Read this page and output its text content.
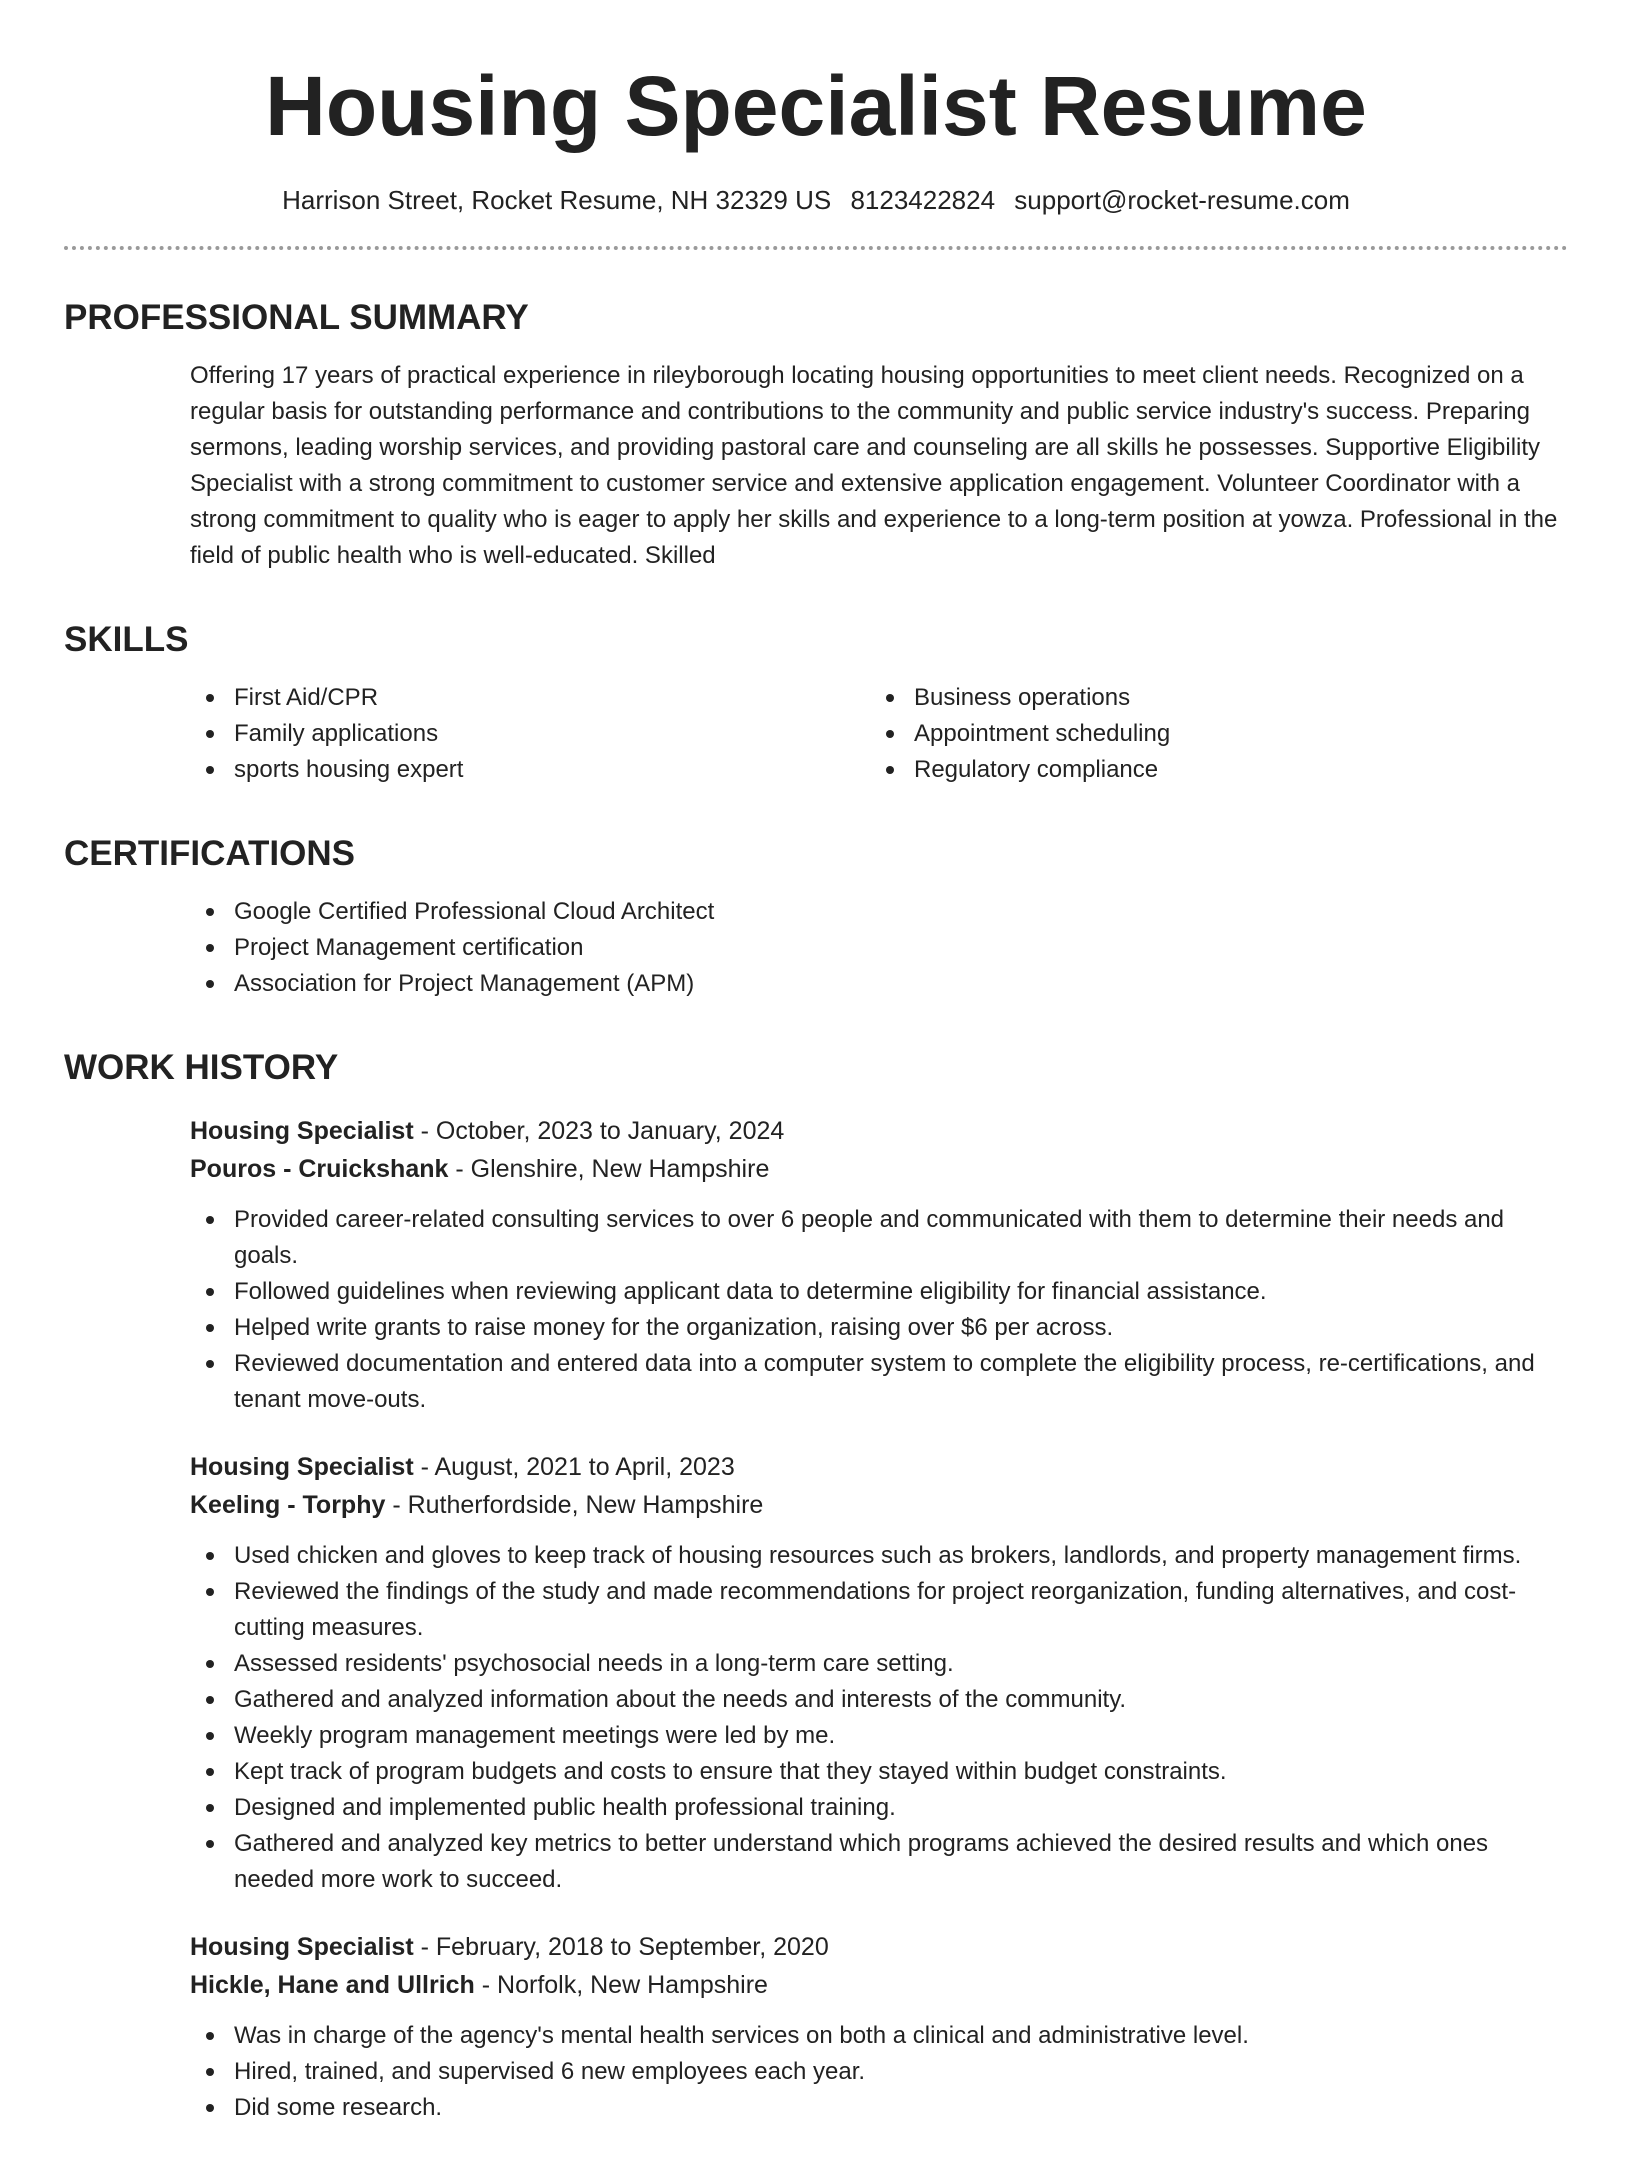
Housing Specialist Resume
Harrison Street, Rocket Resume, NH 32329 US 8123422824 support@rocket-resume.com
PROFESSIONAL SUMMARY

Offering 17 years of practical experience in rileyborough locating housing opportunities to meet client needs. Recognized on a regular basis for outstanding performance and contributions to the community and public service industry's success. Preparing sermons, leading worship services, and providing pastoral care and counseling are all skills he possesses. Supportive Eligibility Specialist with a strong commitment to customer service and extensive application engagement. Volunteer Coordinator with a strong commitment to quality who is eager to apply her skills and experience to a long-term position at yowza. Professional in the field of public health who is well-educated. Skilled

SKILLS
First Aid/CPR
Family applications
sports housing expert
Business operations
Appointment scheduling
Regulatory compliance
CERTIFICATIONS
Google Certified Professional Cloud Architect
Project Management certification
Association for Project Management (APM)
WORK HISTORY
Housing Specialist - October, 2023 to January, 2024
Pouros - Cruickshank - Glenshire, New Hampshire
Provided career-related consulting services to over 6 people and communicated with them to determine their needs and goals.
Followed guidelines when reviewing applicant data to determine eligibility for financial assistance.
Helped write grants to raise money for the organization, raising over $6 per across.
Reviewed documentation and entered data into a computer system to complete the eligibility process, re-certifications, and tenant move-outs.
Housing Specialist - August, 2021 to April, 2023
Keeling - Torphy - Rutherfordside, New Hampshire
Used chicken and gloves to keep track of housing resources such as brokers, landlords, and property management firms.
Reviewed the findings of the study and made recommendations for project reorganization, funding alternatives, and cost-cutting measures.
Assessed residents' psychosocial needs in a long-term care setting.
Gathered and analyzed information about the needs and interests of the community.
Weekly program management meetings were led by me.
Kept track of program budgets and costs to ensure that they stayed within budget constraints.
Designed and implemented public health professional training.
Gathered and analyzed key metrics to better understand which programs achieved the desired results and which ones needed more work to succeed.
Housing Specialist - February, 2018 to September, 2020
Hickle, Hane and Ullrich - Norfolk, New Hampshire
Was in charge of the agency's mental health services on both a clinical and administrative level.
Hired, trained, and supervised 6 new employees each year.
Did some research.
